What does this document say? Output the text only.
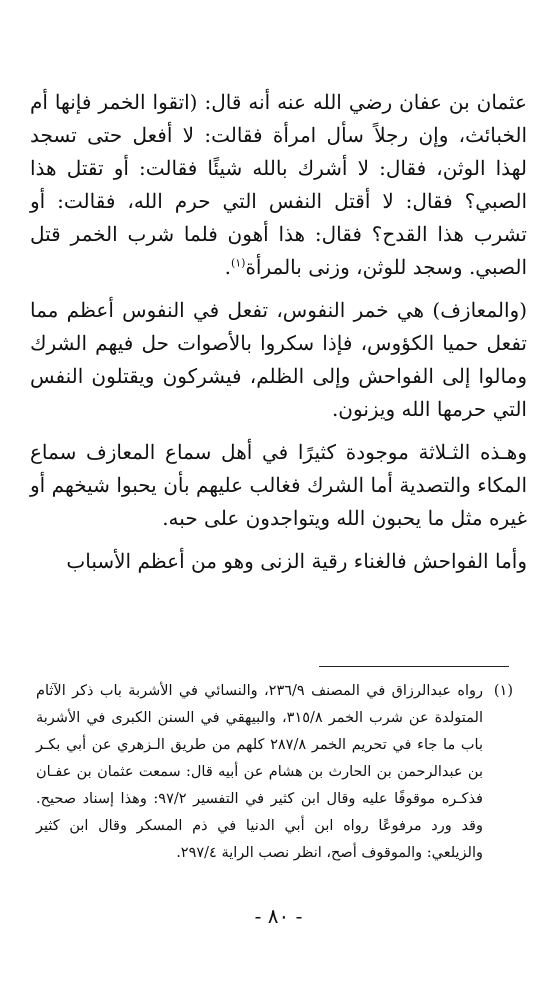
عثمان بن عفان رضي الله عنه أنه قال: (اتقوا الخمر فإنها أم الخبائث، وإن رجلاً سأل امرأة فقالت: لا أفعل حتى تسجد لهذا الوثن، فقال: لا أشرك بالله شيئًا فقالت: أو تقتل هذا الصبي؟ فقال: لا أقتل النفس التي حرم الله، فقالت: أو تشرب هذا القدح؟ فقال: هذا أهون فلما شرب الخمر قتل الصبي. وسجد للوثن، وزنى بالمرأة$^{(١)}$.

(والمعازف) هي خمر النفوس، تفعل في النفوس أعظم مما تفعل حميا الكؤوس، فإذا سكروا بالأصوات حل فيهم الشرك ومالوا إلى الفواحش وإلى الظلم، فيشركون ويقتلون النفس التي حرمها الله ويزنون.

وهـذه الثـلاثة موجودة كثيرًا في أهل سماع المعازف سماع المكاء والتصدية أما الشرك فغالب عليهم بأن يحبوا شيخهم أو غيره مثل ما يحبون الله ويتواجدون على حبه.

وأما الفواحش فالغناء رقية الزنى وهو من أعظم الأسباب

(١)
رواه عبدالرزاق في المصنف ٢٣٦/٩، والنسائي في الأشربة باب ذكر الآثام المتولدة عن شرب الخمر ٣١٥/٨، والبيهقي في السنن الكبرى في الأشربة باب ما جاء في تحريم الخمر ٢٨٧/٨ كلهم من طريق الـزهري عن أبي بكـر بن عبدالرحمن بن الحارث بن هشام عن أبيه قال: سمعت عثمان بن عفـان فذكـره موقوفًا عليه وقال ابن كثير في التفسير ٩٧/٢: وهذا إسناد صحيح. وقد ورد مرفوعًا رواه ابن أبي الدنيا في ذم المسكر وقال ابن كثير والزيلعي: والموقوف أصح، انظر نصب الراية ٢٩٧/٤.
- ٨٠ -
